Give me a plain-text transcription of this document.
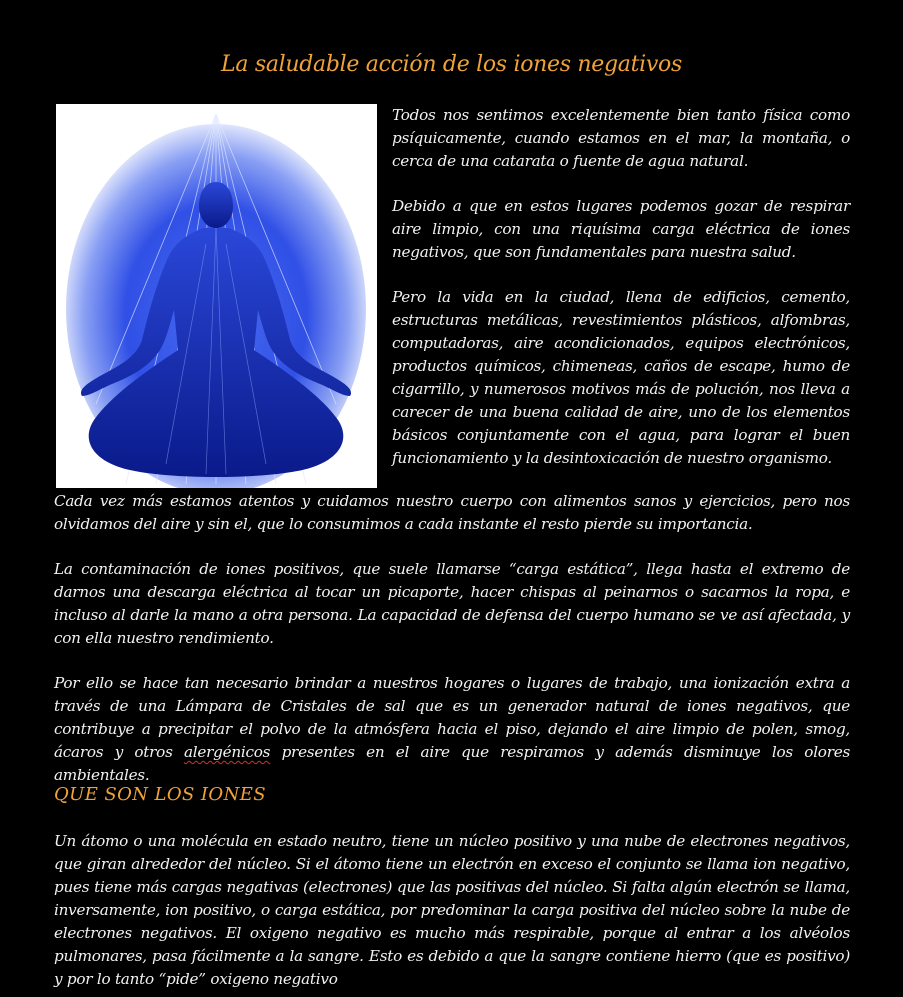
La saludable acción de los iones negativos

Todos nos sentimos excelentemente bien tanto física como psíquicamente, cuando estamos en el mar, la montaña, o cerca de una catarata o fuente de agua natural.

Debido a que en estos lugares podemos gozar de respirar aire limpio, con una riquísima carga eléctrica de iones negativos, que son fundamentales para nuestra salud.

Pero la vida en la ciudad, llena de edificios, cemento, estructuras metálicas, revestimientos plásticos, alfombras, computadoras, aire acondicionados, equipos electrónicos, productos químicos, chimeneas, caños de escape, humo de cigarrillo, y numerosos motivos más de polución, nos lleva a carecer de una buena calidad de aire, uno de los elementos básicos conjuntamente con el agua, para lograr el buen funcionamiento y la desintoxicación de nuestro organismo.

Cada vez más estamos atentos y cuidamos nuestro cuerpo con alimentos sanos y ejercicios, pero nos olvidamos del aire y sin el, que lo consumimos a cada instante el resto pierde su importancia.

La contaminación de iones positivos, que suele llamarse “carga estática”, llega hasta el extremo de darnos una descarga eléctrica al tocar un picaporte, hacer chispas al peinarnos o sacarnos la ropa, e incluso al darle la mano a otra persona. La capacidad de defensa del cuerpo humano se ve así afectada, y con ella nuestro rendimiento.

Por ello se hace tan necesario brindar a nuestros hogares o lugares de trabajo, una ionización extra a través de una Lámpara de Cristales de sal que es un generador natural de iones negativos, que contribuye a precipitar el polvo de la atmósfera hacia el piso, dejando el aire limpio de polen, smog, ácaros y otros alergénicos presentes en el aire que respiramos y además disminuye los olores ambientales.

QUE SON LOS IONES

Un átomo o una molécula en estado neutro, tiene un núcleo positivo y una nube de electrones negativos, que giran alrededor del núcleo. Si el átomo tiene un electrón en exceso el conjunto se llama ion negativo, pues tiene más cargas negativas (electrones) que las positivas del núcleo. Si falta algún electrón se llama, inversamente, ion positivo, o carga estática, por predominar la carga positiva del núcleo sobre la nube de electrones negativos. El oxigeno negativo es mucho más respirable, porque al entrar a los alvéolos pulmonares, pasa fácilmente a la sangre. Esto es debido a que la sangre contiene hierro (que es positivo) y por lo tanto “pide” oxigeno negativo
